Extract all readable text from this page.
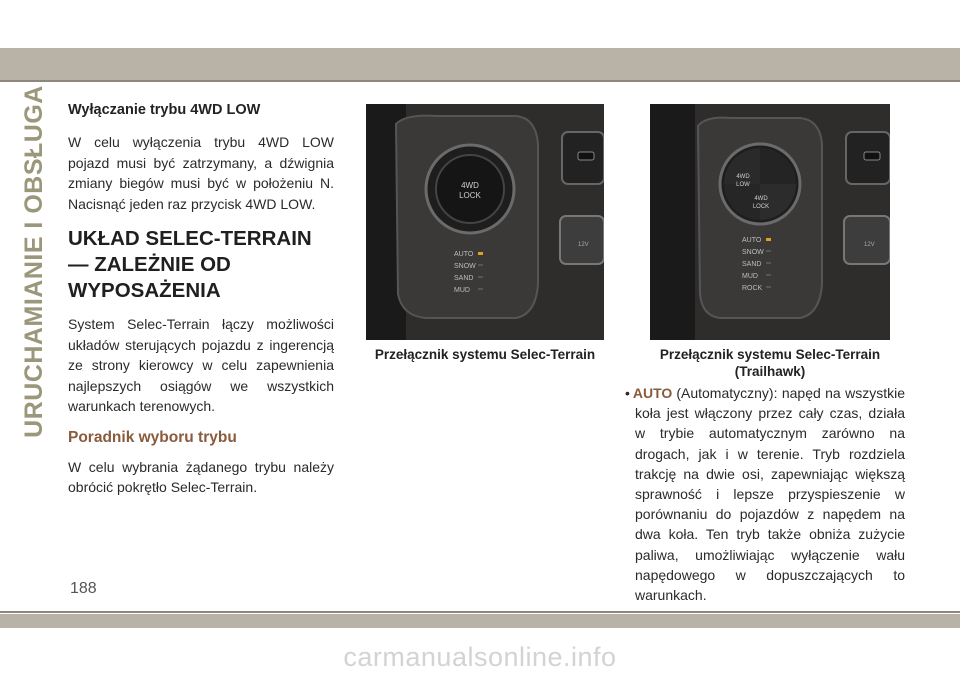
URUCHAMIANIE I OBSŁUGA Wyłączanie trybu 4WD LOW

W celu wyłączenia trybu 4WD LOW pojazd musi być zatrzymany, a dźwignia zmiany biegów musi być w położeniu N. Nacisnąć jeden raz przycisk 4WD LOW.

UKŁAD SELEC-TERRAIN — ZALEŻNIE OD WYPOSAŻENIA

System Selec-Terrain łączy możliwości układów sterujących pojazdu z ingerencją ze strony kierowcy w celu zapewnienia najlepszych osiągów we wszystkich warunkach terenowych.

Poradnik wyboru trybu

W celu wybrania żądanego trybu należy obrócić pokrętło Selec-Terrain.

4WD
LOCK
AUTO
SNOW
SAND
MUD
12V
Przełącznik systemu Selec-Terrain
4WD
LOW
4WD
LOCK
AUTO
SNOW
SAND
MUD
ROCK
12V
Przełącznik systemu Selec-Terrain (Trailhawk)
• AUTO (Automatyczny): napęd na wszystkie koła jest włączony przez cały czas, działa w trybie automatycznym zarówno na drogach, jak i w terenie. Tryb rozdziela trakcję na dwie osi, zapewniając większą sprawność i lepsze przyspieszenie w porównaniu do pojazdów z napędem na dwa koła. Ten tryb także obniża zużycie paliwa, umożliwiając wyłączenie wału napędowego w dopuszczających to warunkach.
188
carmanualsonline.info
